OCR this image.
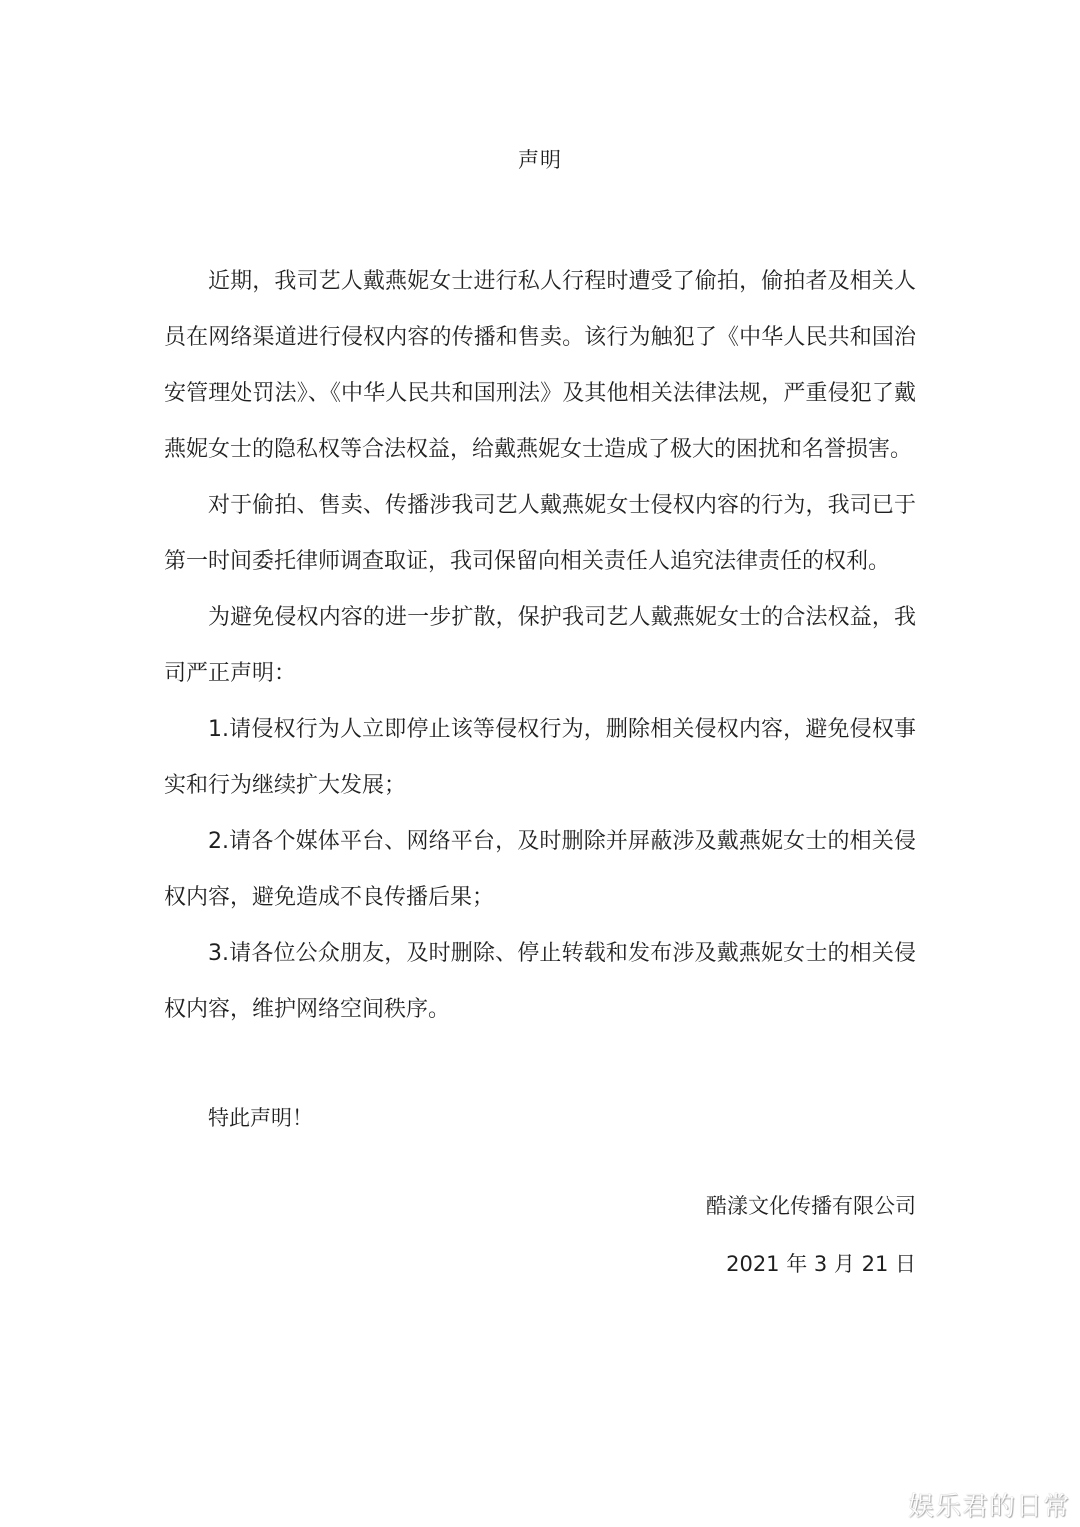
声明

近期，我司艺人戴燕妮女士进行私人行程时遭受了偷拍，偷拍者及相关人员在网络渠道进行侵权内容的传播和售卖。该行为触犯了《中华人民共和国治安管理处罚法》、《中华人民共和国刑法》及其他相关法律法规，严重侵犯了戴燕妮女士的隐私权等合法权益，给戴燕妮女士造成了极大的困扰和名誉损害。

对于偷拍、售卖、传播涉我司艺人戴燕妮女士侵权内容的行为，我司已于第一时间委托律师调查取证，我司保留向相关责任人追究法律责任的权利。

为避免侵权内容的进一步扩散，保护我司艺人戴燕妮女士的合法权益，我司严正声明：

1.请侵权行为人立即停止该等侵权行为，删除相关侵权内容，避免侵权事实和行为继续扩大发展；

2.请各个媒体平台、网络平台，及时删除并屏蔽涉及戴燕妮女士的相关侵权内容，避免造成不良传播后果；

3.请各位公众朋友，及时删除、停止转载和发布涉及戴燕妮女士的相关侵权内容，维护网络空间秩序。

特此声明！
酷漾文化传播有限公司
2021 年 3 月 21 日
娱乐君的日常
